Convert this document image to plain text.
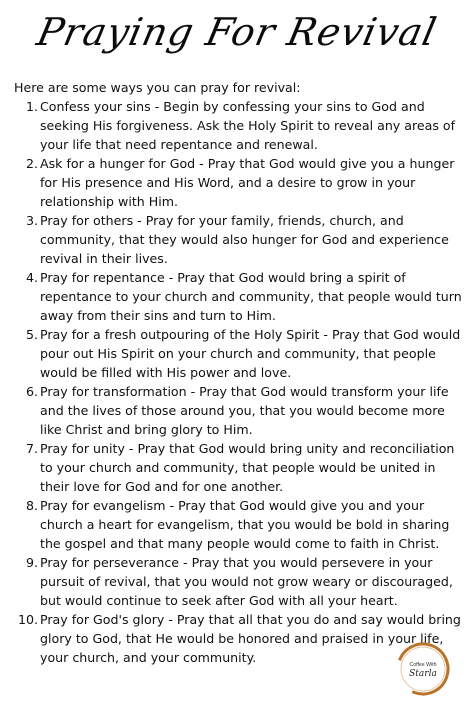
Praying For Revival
Here are some ways you can pray for revival:
1. Confess your sins - Begin by confessing your sins to God and seeking His forgiveness. Ask the Holy Spirit to reveal any areas of your life that need repentance and renewal.
2. Ask for a hunger for God - Pray that God would give you a hunger for His presence and His Word, and a desire to grow in your relationship with Him.
3. Pray for others - Pray for your family, friends, church, and community, that they would also hunger for God and experience revival in their lives.
4. Pray for repentance - Pray that God would bring a spirit of repentance to your church and community, that people would turn away from their sins and turn to Him.
5. Pray for a fresh outpouring of the Holy Spirit - Pray that God would pour out His Spirit on your church and community, that people would be filled with His power and love.
6. Pray for transformation - Pray that God would transform your life and the lives of those around you, that you would become more like Christ and bring glory to Him.
7. Pray for unity - Pray that God would bring unity and reconciliation to your church and community, that people would be united in their love for God and for one another.
8. Pray for evangelism - Pray that God would give you and your church a heart for evangelism, that you would be bold in sharing the gospel and that many people would come to faith in Christ.
9. Pray for perseverance - Pray that you would persevere in your pursuit of revival, that you would not grow weary or discouraged, but would continue to seek after God with all your heart.
10. Pray for God's glory - Pray that all that you do and say would bring glory to God, that He would be honored and praised in your life, your church, and your community.	Coffee With
Starla
